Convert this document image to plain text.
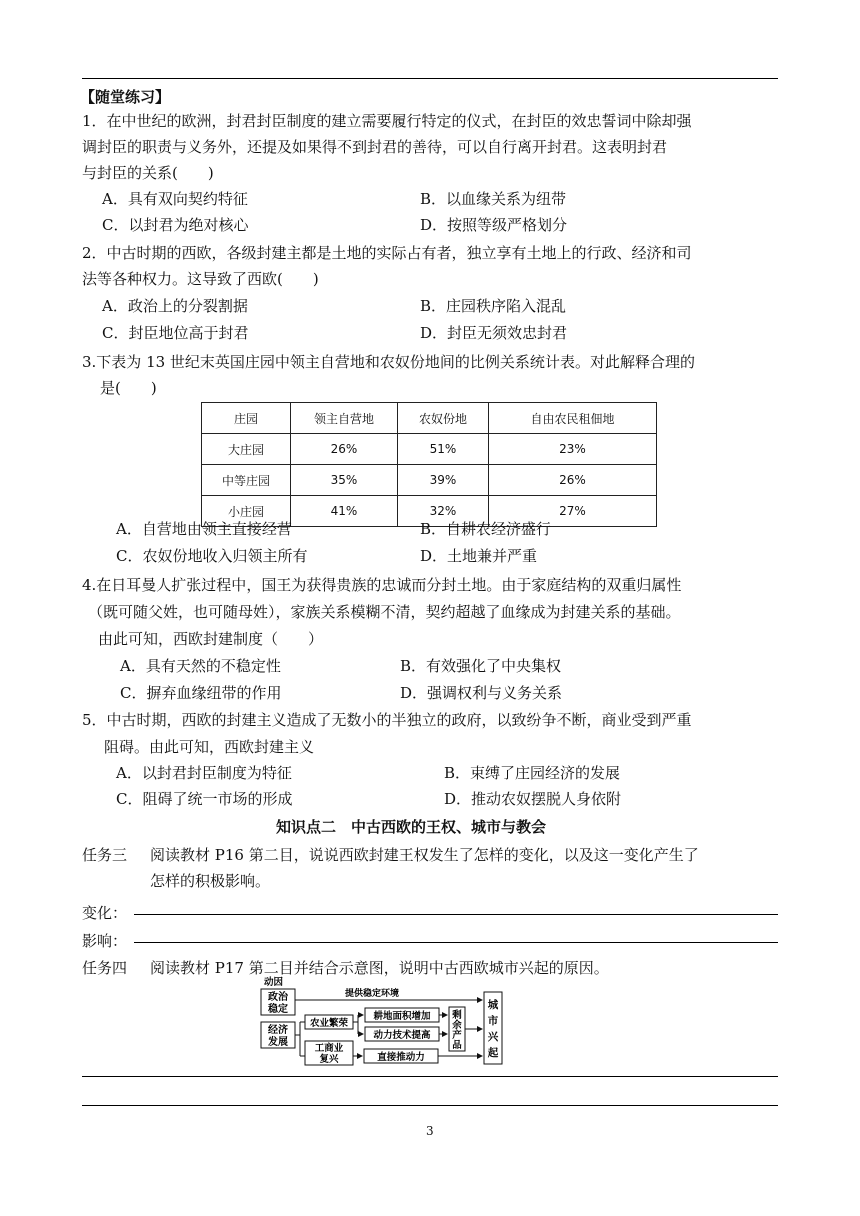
【随堂练习】
1．在中世纪的欧洲，封君封臣制度的建立需要履行特定的仪式，在封臣的效忠誓词中除却强
调封臣的职责与义务外，还提及如果得不到封君的善待，可以自行离开封君。这表明封君
与封臣的关系(　　)
A．具有双向契约特征	B．以血缘关系为纽带
C．以封君为绝对核心	D．按照等级严格划分
2．中古时期的西欧，各级封建主都是土地的实际占有者，独立享有土地上的行政、经济和司
法等各种权力。这导致了西欧(　　)
A．政治上的分裂割据	B．庄园秩序陷入混乱
C．封臣地位高于封君	D．封臣无须效忠封君
3.下表为 13 世纪末英国庄园中领主自营地和农奴份地间的比例关系统计表。对此解释合理的
是(　　)
庄园	领主自营地	农奴份地	自由农民租佃地
大庄园	26%	51%	23%
中等庄园	35%	39%	26%
小庄园	41%	32%	27%
A．自营地由领主直接经营	B．自耕农经济盛行
C．农奴份地收入归领主所有	D．土地兼并严重
4.在日耳曼人扩张过程中，国王为获得贵族的忠诚而分封土地。由于家庭结构的双重归属性
（既可随父姓，也可随母姓），家族关系模糊不清，契约超越了血缘成为封建关系的基础。
由此可知，西欧封建制度（　　）
A．具有天然的不稳定性	B．有效强化了中央集权
C．摒弃血缘纽带的作用	D．强调权利与义务关系
5．中古时期，西欧的封建主义造成了无数小的半独立的政府，以致纷争不断，商业受到严重
阻碍。由此可知，西欧封建主义
A．以封君封臣制度为特征	B．束缚了庄园经济的发展
C．阻碍了统一市场的形成	D．推动农奴摆脱人身依附
知识点二　中古西欧的王权、城市与教会
任务三 阅读教材 P16 第二目，说说西欧封建王权发生了怎样的变化，以及这一变化产生了
怎样的积极影响。
变化：
影响：
任务四 阅读教材 P17 第二目并结合示意图，说明中古西欧城市兴起的原因。
动因
政治稳定
提供稳定环境
经济发展
农业繁荣
工商业复兴
耕地面积增加
动力技术提高
剩余产品
直接推动力
城市兴起
3
